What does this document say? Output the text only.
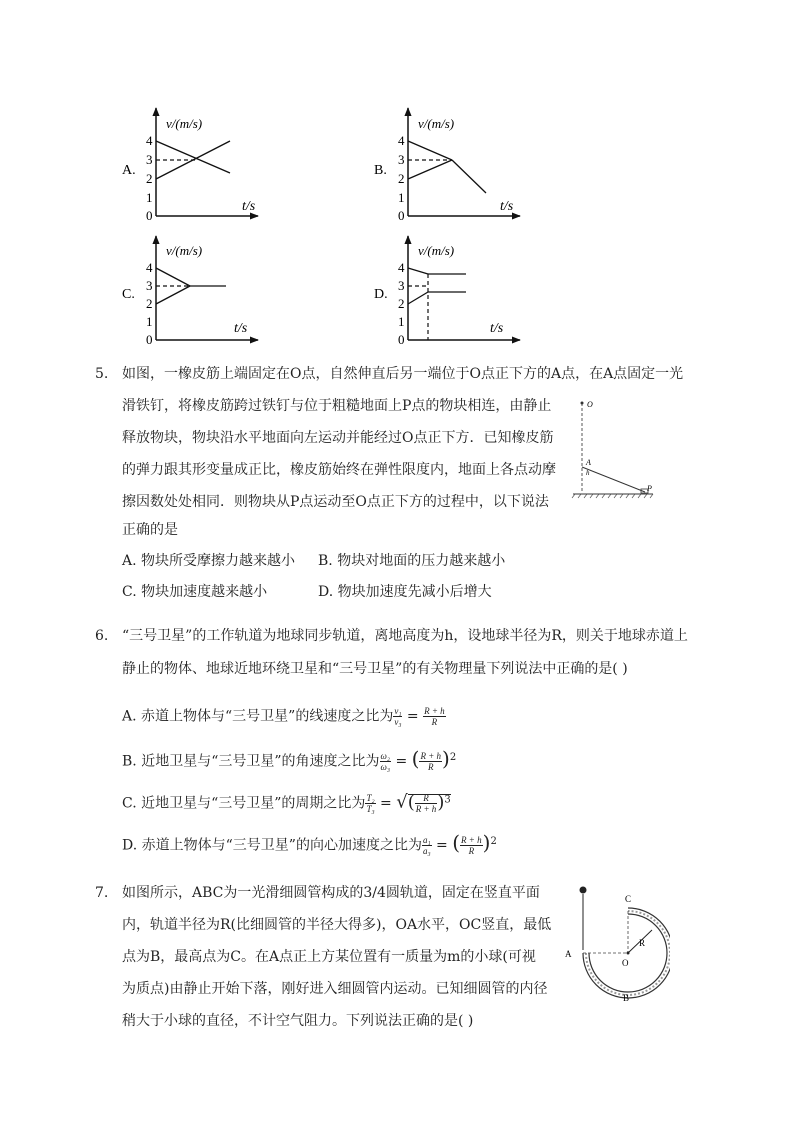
A.
v/(m/s)
t/s
0
4
3
2
1
B.
v/(m/s)
t/s
0
4
3
2
1
C.
v/(m/s)
t/s
0
4
3
2
1
D.
v/(m/s)
t/s
0
4
3
2
1
5. 如图，一橡皮筋上端固定在O点，自然伸直后另一端位于O点正下方的A点，在A点固定一光
滑铁钉，将橡皮筋跨过铁钉与位于粗糙地面上P点的物块相连，由静止
释放物块，物块沿水平地面向左运动并能经过O点正下方．已知橡皮筋
的弹力跟其形变量成正比，橡皮筋始终在弹性限度内，地面上各点动摩
擦因数处处相同．则物块从P点运动至O点正下方的过程中，以下说法
正确的是
O
A
h
P
A. 物块所受摩擦力越来越小 B. 物块对地面的压力越来越小
C. 物块加速度越来越小	D. 物块加速度先减小后增大
6. “三号卫星”的工作轨道为地球同步轨道，离地高度为h，设地球半径为R，则关于地球赤道上
静止的物体、地球近地环绕卫星和“三号卫星”的有关物理量下列说法中正确的是( )
A. 赤道上物体与“三号卫星”的线速度之比为 $\frac{\text{v₁}}{\text{v₃}} = \frac{R + h}{R}$
B. 近地卫星与“三号卫星”的角速度之比为 $\frac{\text{ω₂}}{\text{ω₃}}$ = ( $\frac{R + h}{R} )^2$
C. 近地卫星与“三号卫星”的周期之比为 $\frac{\text{T₂}}{\text{T₃}}$ = √( $\frac{R}{R + h} )^3$
D. 赤道上物体与“三号卫星”的向心加速度之比为 $\frac{\text{a₁}}{\text{a₃}}$ = ( $\frac{R + h}{R} )^2$
7. 如图所示，ABC为一光滑细圆管构成的3/4圆轨道，固定在竖直平面
内，轨道半径为R(比细圆管的半径大得多)，OA水平，OC竖直，最低
点为B，最高点为C。在A点正上方某位置有一质量为m的小球(可视
为质点)由静止开始下落，刚好进入细圆管内运动。已知细圆管的内径
稍大于小球的直径，不计空气阻力。下列说法正确的是( )
A
B
C
O
R
